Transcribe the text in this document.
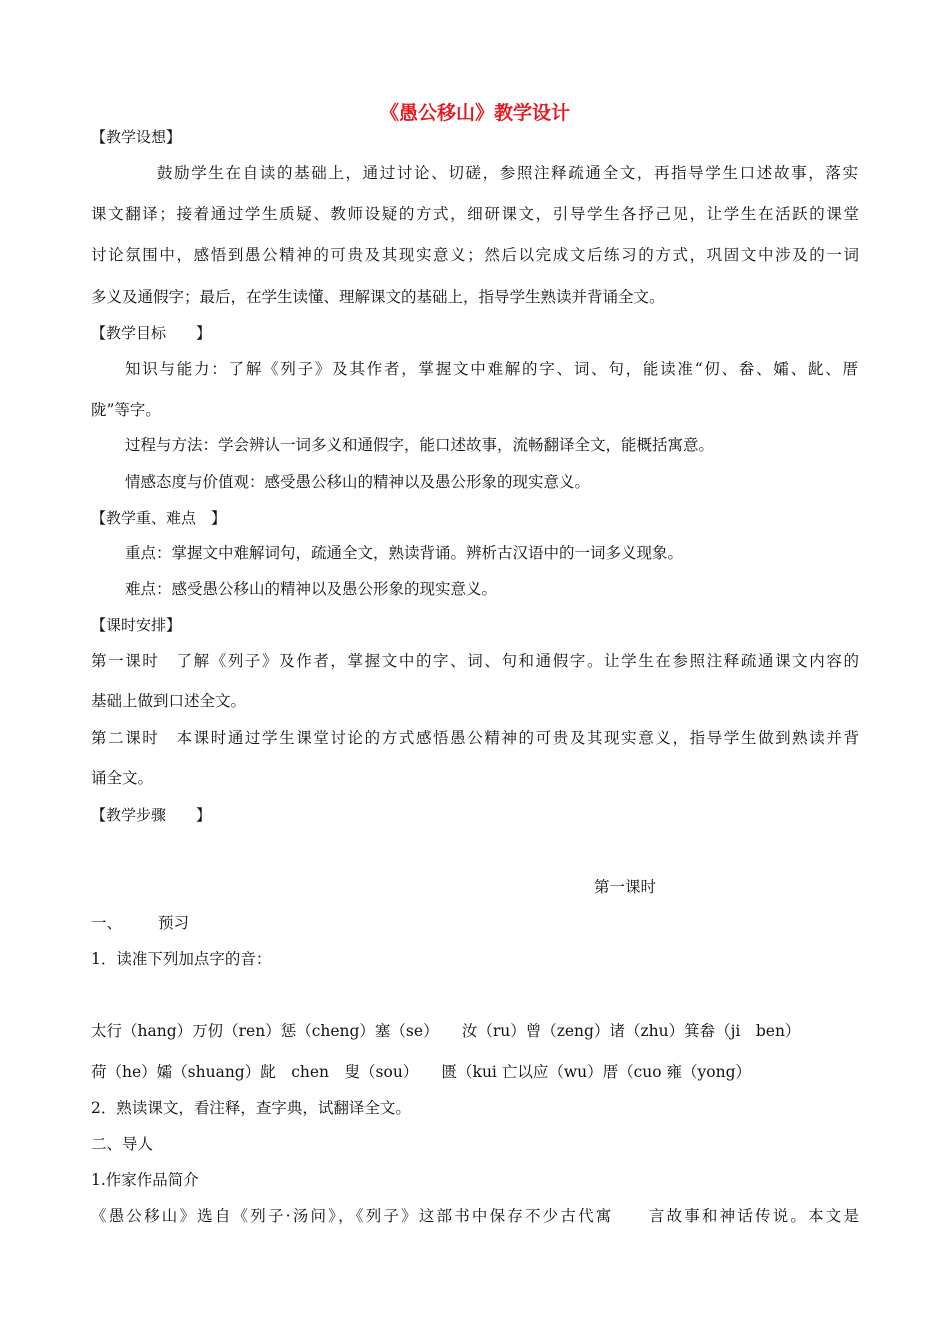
《愚公移山》教学设计
【教学设想】
鼓励学生在自读的基础上，通过讨论、切磋，参照注释疏通全文，再指导学生口述故事，落实
课文翻译；接着通过学生质疑、教师设疑的方式，细研课文，引导学生各抒己见，让学生在活跃的课堂
讨论氛围中，感悟到愚公精神的可贵及其现实意义；然后以完成文后练习的方式，巩固文中涉及的一词
多义及通假字；最后，在学生读懂、理解课文的基础上，指导学生熟读并背诵全文。
【教学目标　　】
知识与能力：了解《列子》及其作者，掌握文中难解的字、词、句，能读准“仞、畚、孀、龀、厝
陇”等字。
过程与方法：学会辨认一词多义和通假字，能口述故事，流畅翻译全文，能概括寓意。
情感态度与价值观：感受愚公移山的精神以及愚公形象的现实意义。
【教学重、难点　】
重点：掌握文中难解词句，疏通全文，熟读背诵。辨析古汉语中的一词多义现象。
难点：感受愚公移山的精神以及愚公形象的现实意义。
【课时安排】
第一课时　了解《列子》及作者，掌握文中的字、词、句和通假字。让学生在参照注释疏通课文内容的
基础上做到口述全文。
第二课时　本课时通过学生课堂讨论的方式感悟愚公精神的可贵及其现实意义，指导学生做到熟读并背
诵全文。
【教学步骤　　】
第一课时
一、 预习
1．读准下列加点字的音：
太行（hang）万仞（ren）惩（cheng）塞（se）　　汝（ru）曾（zeng）诸（zhu）箕畚（ji　ben）
荷（he）孀（shuang）龀　chen　叟（sou）　　匮（kui 亡以应（wu）厝（cuo 雍（yong）
2．熟读课文，看注释，查字典，试翻译全文。
二、导人
1.作家作品简介
《愚公移山》选自《列子·汤问》，《列子》这部书中保存不少古代寓　　言故事和神话传说。本文是
